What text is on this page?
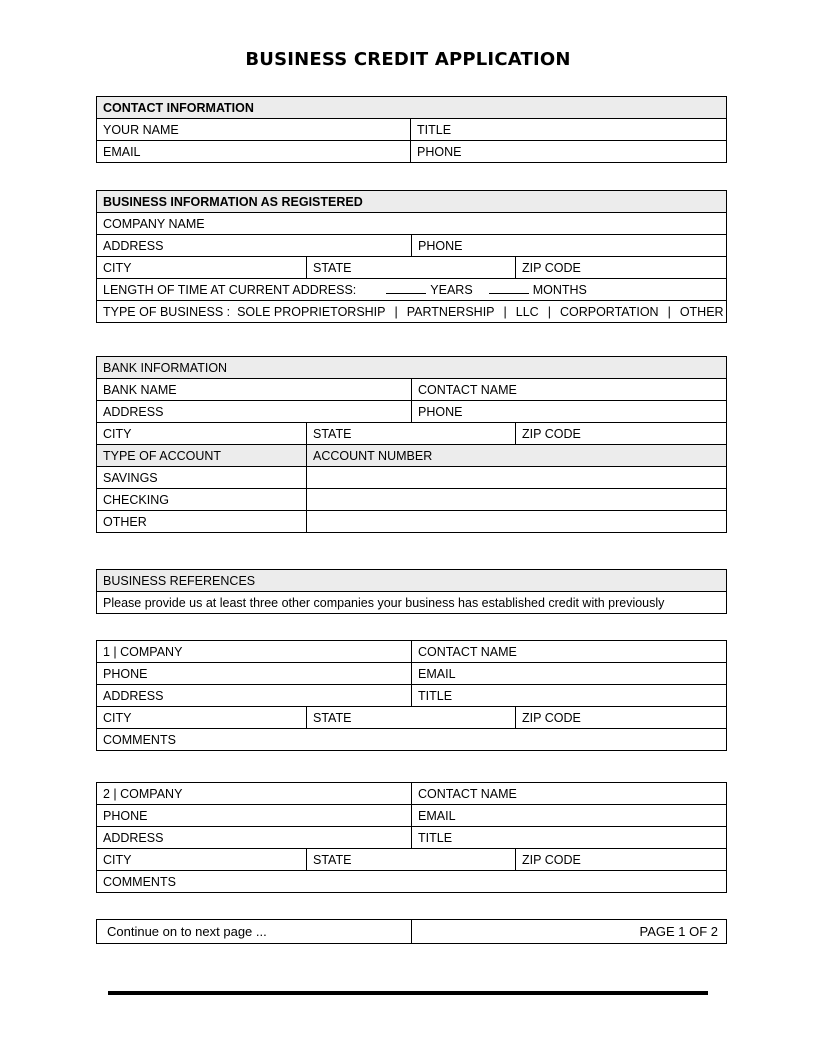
BUSINESS CREDIT APPLICATION
CONTACT INFORMATION	
YOUR NAME	TITLE
EMAIL	PHONE
BUSINESS INFORMATION AS REGISTERED			
COMPANY NAME			
ADDRESS		PHONE	
CITY	STATE		ZIP CODE
LENGTH OF TIME AT CURRENT ADDRESS: YEARS MONTHS			
TYPE OF BUSINESS : SOLE PROPRIETORSHIP | PARTNERSHIP | LLC | CORPORTATION | OTHER			
BANK INFORMATION			
BANK NAME		CONTACT NAME	
ADDRESS		PHONE	
CITY	STATE		ZIP CODE
TYPE OF ACCOUNT	ACCOUNT NUMBER		
SAVINGS			
CHECKING			
OTHER			
BUSINESS REFERENCES
Please provide us at least three other companies your business has established credit with previously
1 | COMPANY		CONTACT NAME	
PHONE		EMAIL	
ADDRESS		TITLE	
CITY	STATE		ZIP CODE
COMMENTS			
2 | COMPANY		CONTACT NAME	
PHONE		EMAIL	
ADDRESS		TITLE	
CITY	STATE		ZIP CODE
COMMENTS			
Continue on to next page ...	PAGE 1 OF 2
